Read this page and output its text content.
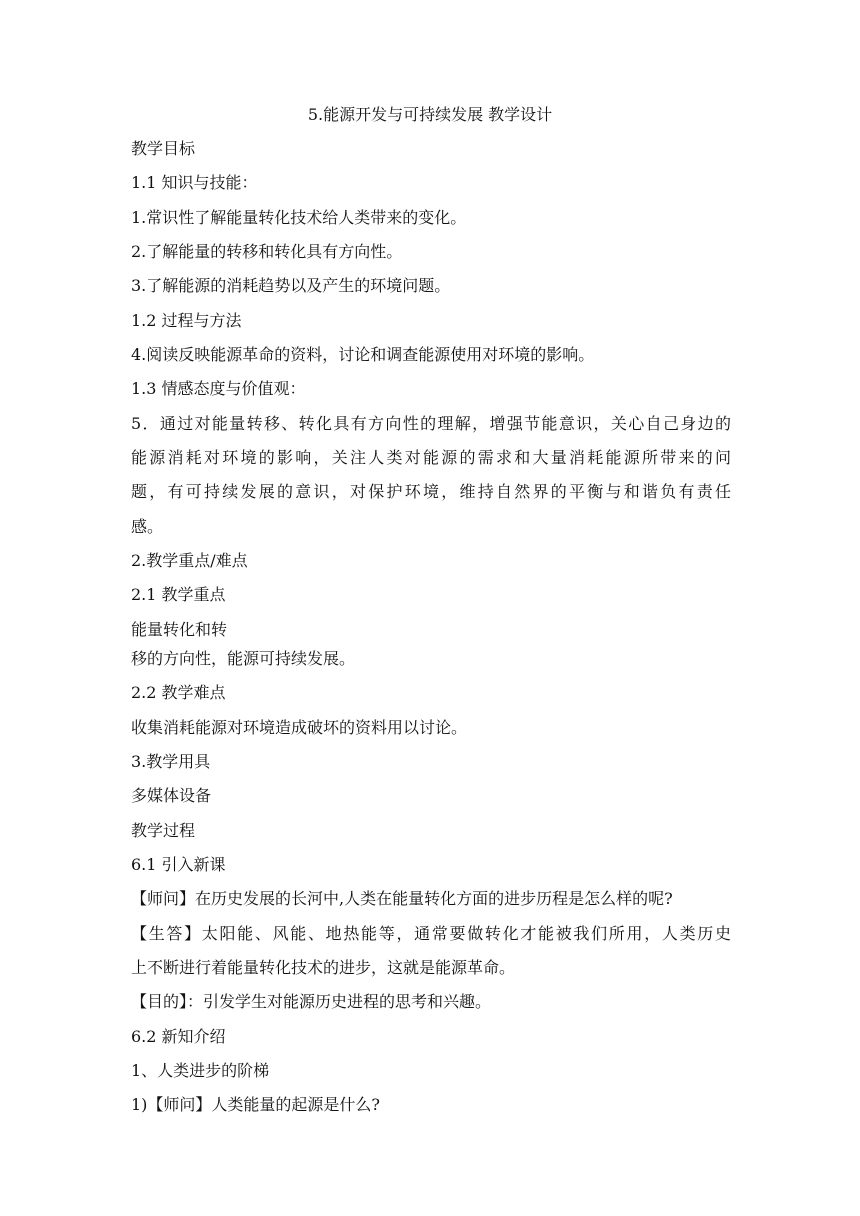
5.能源开发与可持续发展 教学设计
教学目标
1.1 知识与技能：
1.常识性了解能量转化技术给人类带来的变化。
2.了解能量的转移和转化具有方向性。
3.了解能源的消耗趋势以及产生的环境问题。
1.2 过程与方法
4.阅读反映能源革命的资料，讨论和调查能源使用对环境的影响。
1.3 情感态度与价值观：
5．通过对能量转移、转化具有方向性的理解，增强节能意识，关心自己身边的
能源消耗对环境的影响，关注人类对能源的需求和大量消耗能源所带来的问
题，有可持续发展的意识，对保护环境，维持自然界的平衡与和谐负有责任
感。
2.教学重点/难点
2.1 教学重点
能量转化和转
移的方向性，能源可持续发展。
2.2 教学难点
收集消耗能源对环境造成破坏的资料用以讨论。
3.教学用具
多媒体设备
教学过程
6.1 引入新课
【师问】在历史发展的长河中,人类在能量转化方面的进步历程是怎么样的呢?
【生答】太阳能、风能、地热能等，通常要做转化才能被我们所用，人类历史
上不断进行着能量转化技术的进步，这就是能源革命。
【目的】：引发学生对能源历史进程的思考和兴趣。
6.2 新知介绍
1、人类进步的阶梯
1)【师问】人类能量的起源是什么?
